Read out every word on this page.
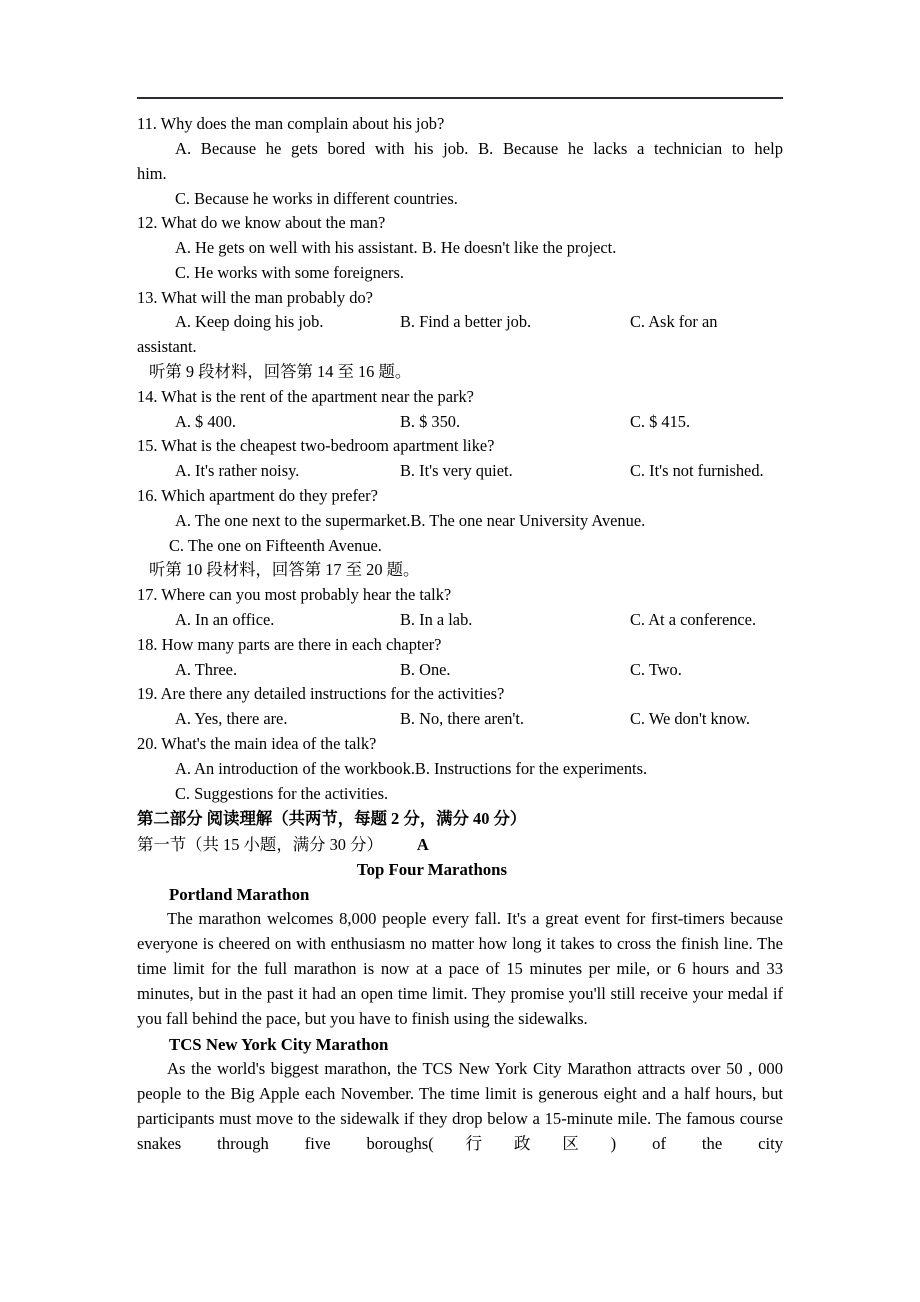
11. Why does the man complain about his job?
A. Because he gets bored with his job. B. Because he lacks a technician to help
him.
C. Because he works in different countries.
12. What do we know about the man?
A. He gets on well with his assistant. B. He doesn't like the project.
C. He works with some foreigners.
13. What will the man probably do?
A. Keep doing his job.	B. Find a better job.	C. Ask for an
assistant.
听第 9 段材料，回答第 14 至 16 题。
14. What is the rent of the apartment near the park?
A. $ 400.	B. $ 350.	C. $ 415.
15. What is the cheapest two-bedroom apartment like?
A. It's rather noisy.	B. It's very quiet.	C. It's not furnished.
16. Which apartment do they prefer?
A. The one next to the supermarket.B. The one near University Avenue.
C. The one on Fifteenth Avenue.
听第 10 段材料，回答第 17 至 20 题。
17. Where can you most probably hear the talk?
A. In an office.	B. In a lab.	C. At a conference.
18. How many parts are there in each chapter?
A. Three.	B. One.	C. Two.
19. Are there any detailed instructions for the activities?
A. Yes, there are.	B. No, there aren't.	C. We don't know.
20. What's the main idea of the talk?
A. An introduction of the workbook.B. Instructions for the experiments.
C. Suggestions for the activities.
第二部分 阅读理解（共两节，每题 2 分，满分 40 分）
第一节（共 15 小题，满分 30 分） A
Top Four Marathons
Portland Marathon

The marathon welcomes 8,000 people every fall. It's a great event for first-timers because everyone is cheered on with enthusiasm no matter how long it takes to cross the finish line. The time limit for the full marathon is now at a pace of 15 minutes per mile, or 6 hours and 33 minutes, but in the past it had an open time limit. They promise you'll still receive your medal if you fall behind the pace, but you have to finish using the sidewalks.

TCS New York City Marathon

As the world's biggest marathon, the TCS New York City Marathon attracts over 50 , 000 people to the Big Apple each November. The time limit is generous eight and a half hours, but participants must move to the sidewalk if they drop below a 15-minute mile. The famous course snakes through five boroughs(行政区) of the city
